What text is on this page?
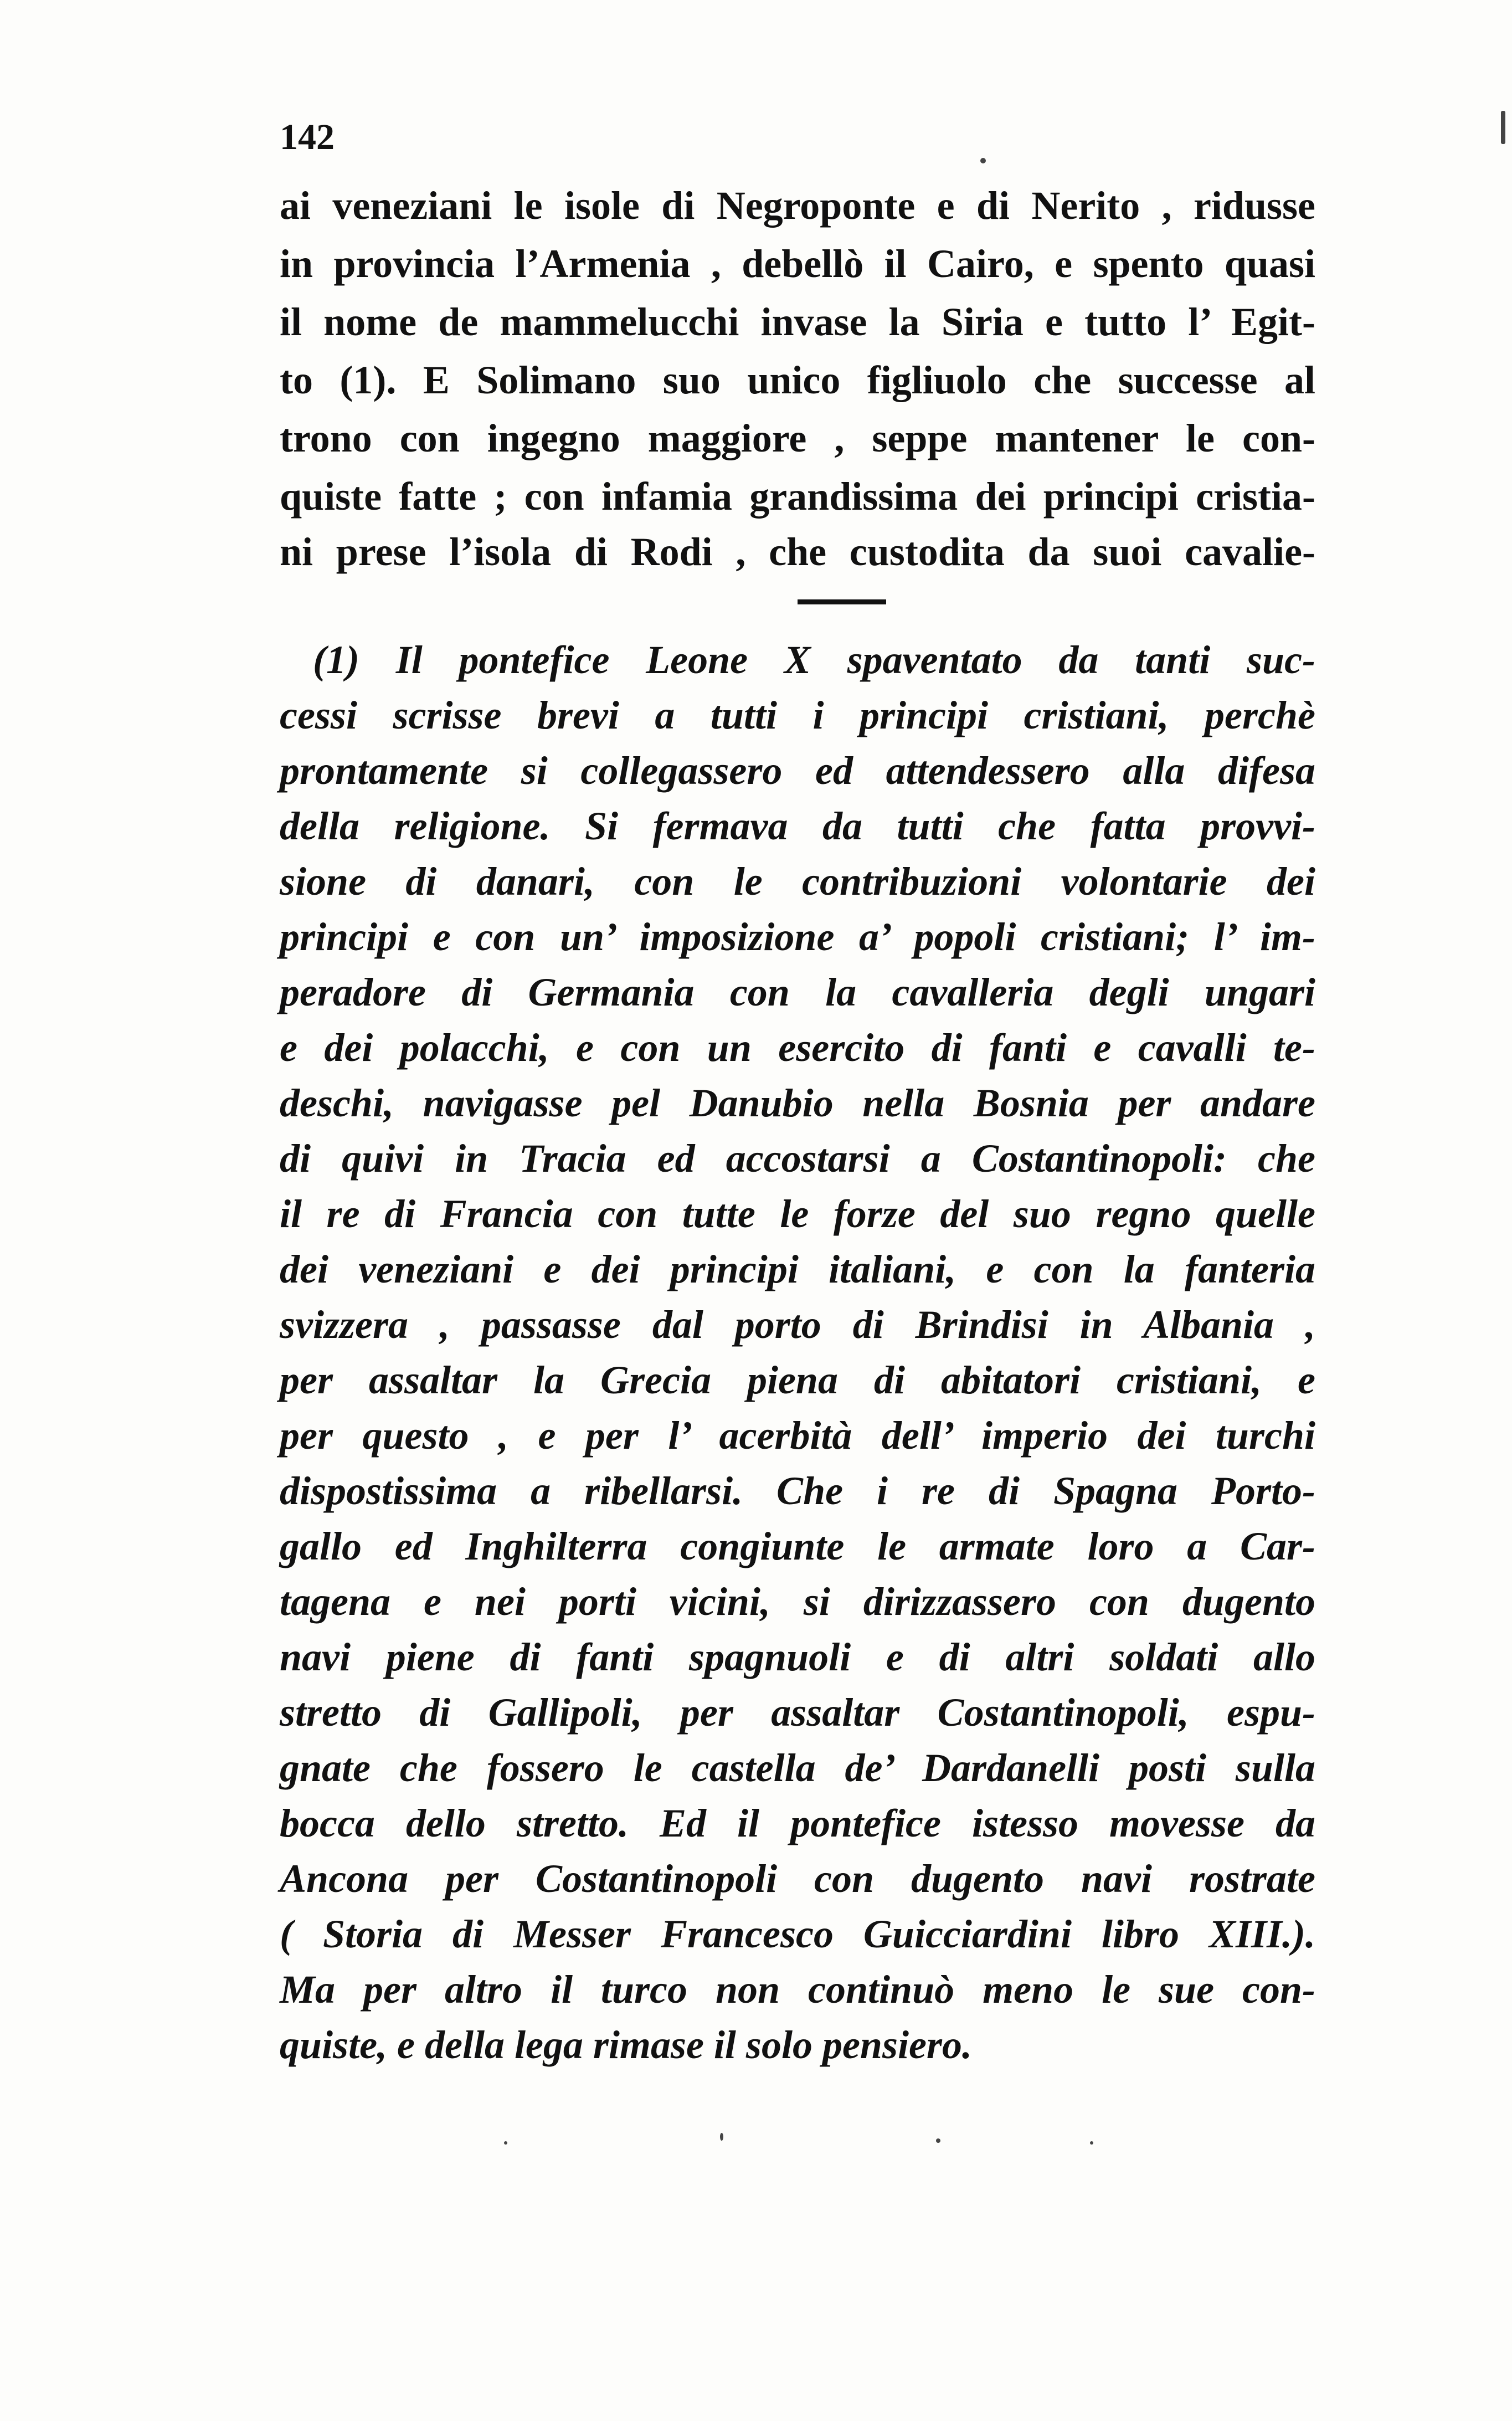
142
ai veneziani le isole di Negroponte e di Nerito , ridusse
in provincia l’Armenia , debellò il Cairo, e spento quasi
il nome de mammelucchi invase la Siria e tutto l’ Egit-
to (1). E Solimano suo unico figliuolo che successe al
trono con ingegno maggiore , seppe mantener le con-
quiste fatte ; con infamia grandissima dei principi cristia-
ni prese l’isola di Rodi , che custodita da suoi cavalie-
(1) Il pontefice Leone X spaventato da tanti suc-
cessi scrisse brevi a tutti i principi cristiani, perchè
prontamente si collegassero ed attendessero alla difesa
della religione. Si fermava da tutti che fatta provvi-
sione di danari, con le contribuzioni volontarie dei
principi e con un’ imposizione a’ popoli cristiani; l’ im-
peradore di Germania con la cavalleria degli ungari
e dei polacchi, e con un esercito di fanti e cavalli te-
deschi, navigasse pel Danubio nella Bosnia per andare
di quivi in Tracia ed accostarsi a Costantinopoli: che
il re di Francia con tutte le forze del suo regno quelle
dei veneziani e dei principi italiani, e con la fanteria
svizzera , passasse dal porto di Brindisi in Albania ,
per assaltar la Grecia piena di abitatori cristiani, e
per questo , e per l’ acerbità dell’ imperio dei turchi
dispostissima a ribellarsi. Che i re di Spagna Porto-
gallo ed Inghilterra congiunte le armate loro a Car-
tagena e nei porti vicini, si dirizzassero con dugento
navi piene di fanti spagnuoli e di altri soldati allo
stretto di Gallipoli, per assaltar Costantinopoli, espu-
gnate che fossero le castella de’ Dardanelli posti sulla
bocca dello stretto. Ed il pontefice istesso movesse da
Ancona per Costantinopoli con dugento navi rostrate
( Storia di Messer Francesco Guicciardini libro XIII.).
Ma per altro il turco non continuò meno le sue con-
quiste, e della lega rimase il solo pensiero.
